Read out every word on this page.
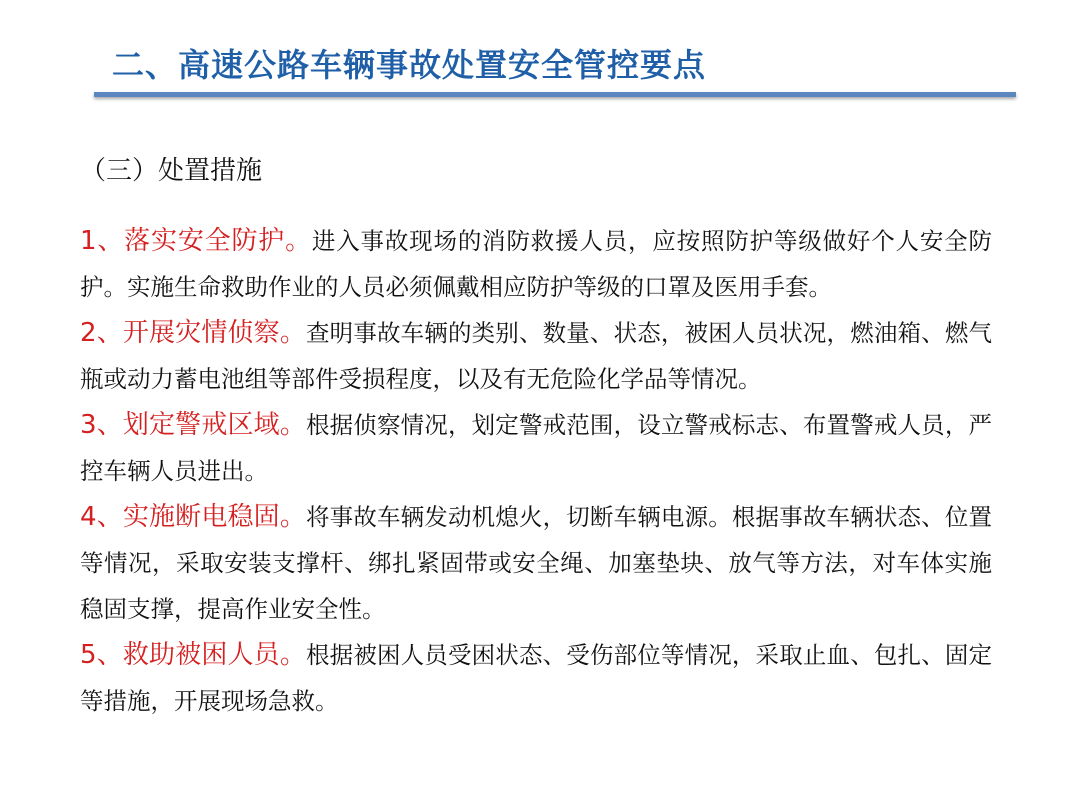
二、高速公路车辆事故处置安全管控要点
（三）处置措施

1、落实安全防护。进入事故现场的消防救援人员，应按照防护等级做好个人安全防护。实施生命救助作业的人员必须佩戴相应防护等级的口罩及医用手套。

2、开展灾情侦察。查明事故车辆的类别、数量、状态，被困人员状况，燃油箱、燃气瓶或动力蓄电池组等部件受损程度，以及有无危险化学品等情况。

3、划定警戒区域。根据侦察情况，划定警戒范围，设立警戒标志、布置警戒人员，严控车辆人员进出。

4、实施断电稳固。将事故车辆发动机熄火，切断车辆电源。根据事故车辆状态、位置等情况，采取安装支撑杆、绑扎紧固带或安全绳、加塞垫块、放气等方法，对车体实施稳固支撑，提高作业安全性。

5、救助被困人员。根据被困人员受困状态、受伤部位等情况，采取止血、包扎、固定等措施，开展现场急救。
